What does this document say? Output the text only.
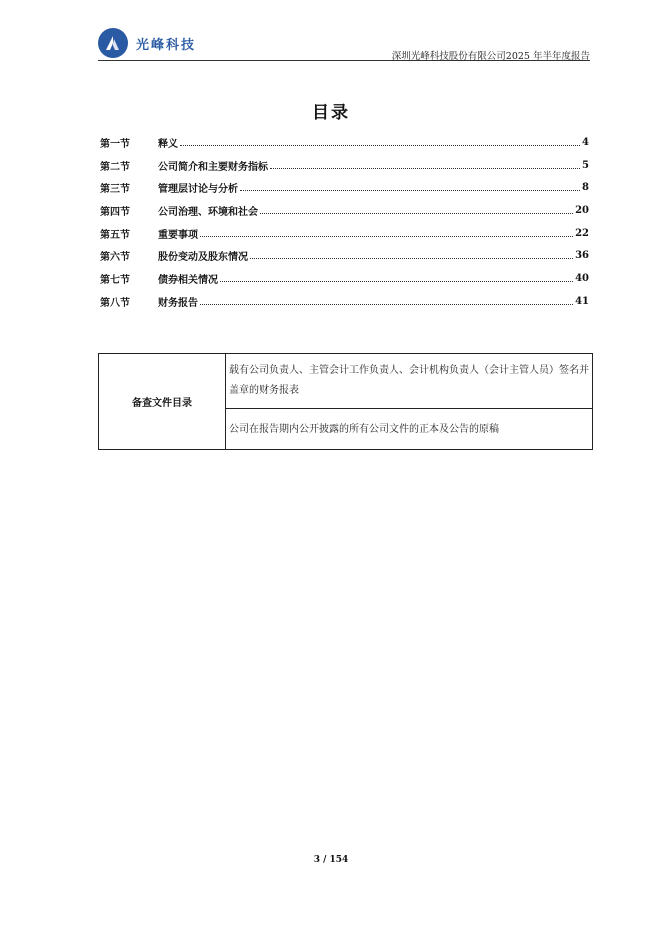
光峰科技
深圳光峰科技股份有限公司2025 年半年度报告
目录
第一节	释义	4
第二节	公司简介和主要财务指标	5
第三节	管理层讨论与分析	8
第四节	公司治理、环境和社会	20
第五节	重要事项	22
第六节	股份变动及股东情况	36
第七节	债券相关情况	40
第八节	财务报告	41
备查文件目录	载有公司负责人、主管会计工作负责人、会计机构负责人（会计主管人员）签名并盖章的财务报表
公司在报告期内公开披露的所有公司文件的正本及公告的原稿
3 / 154
